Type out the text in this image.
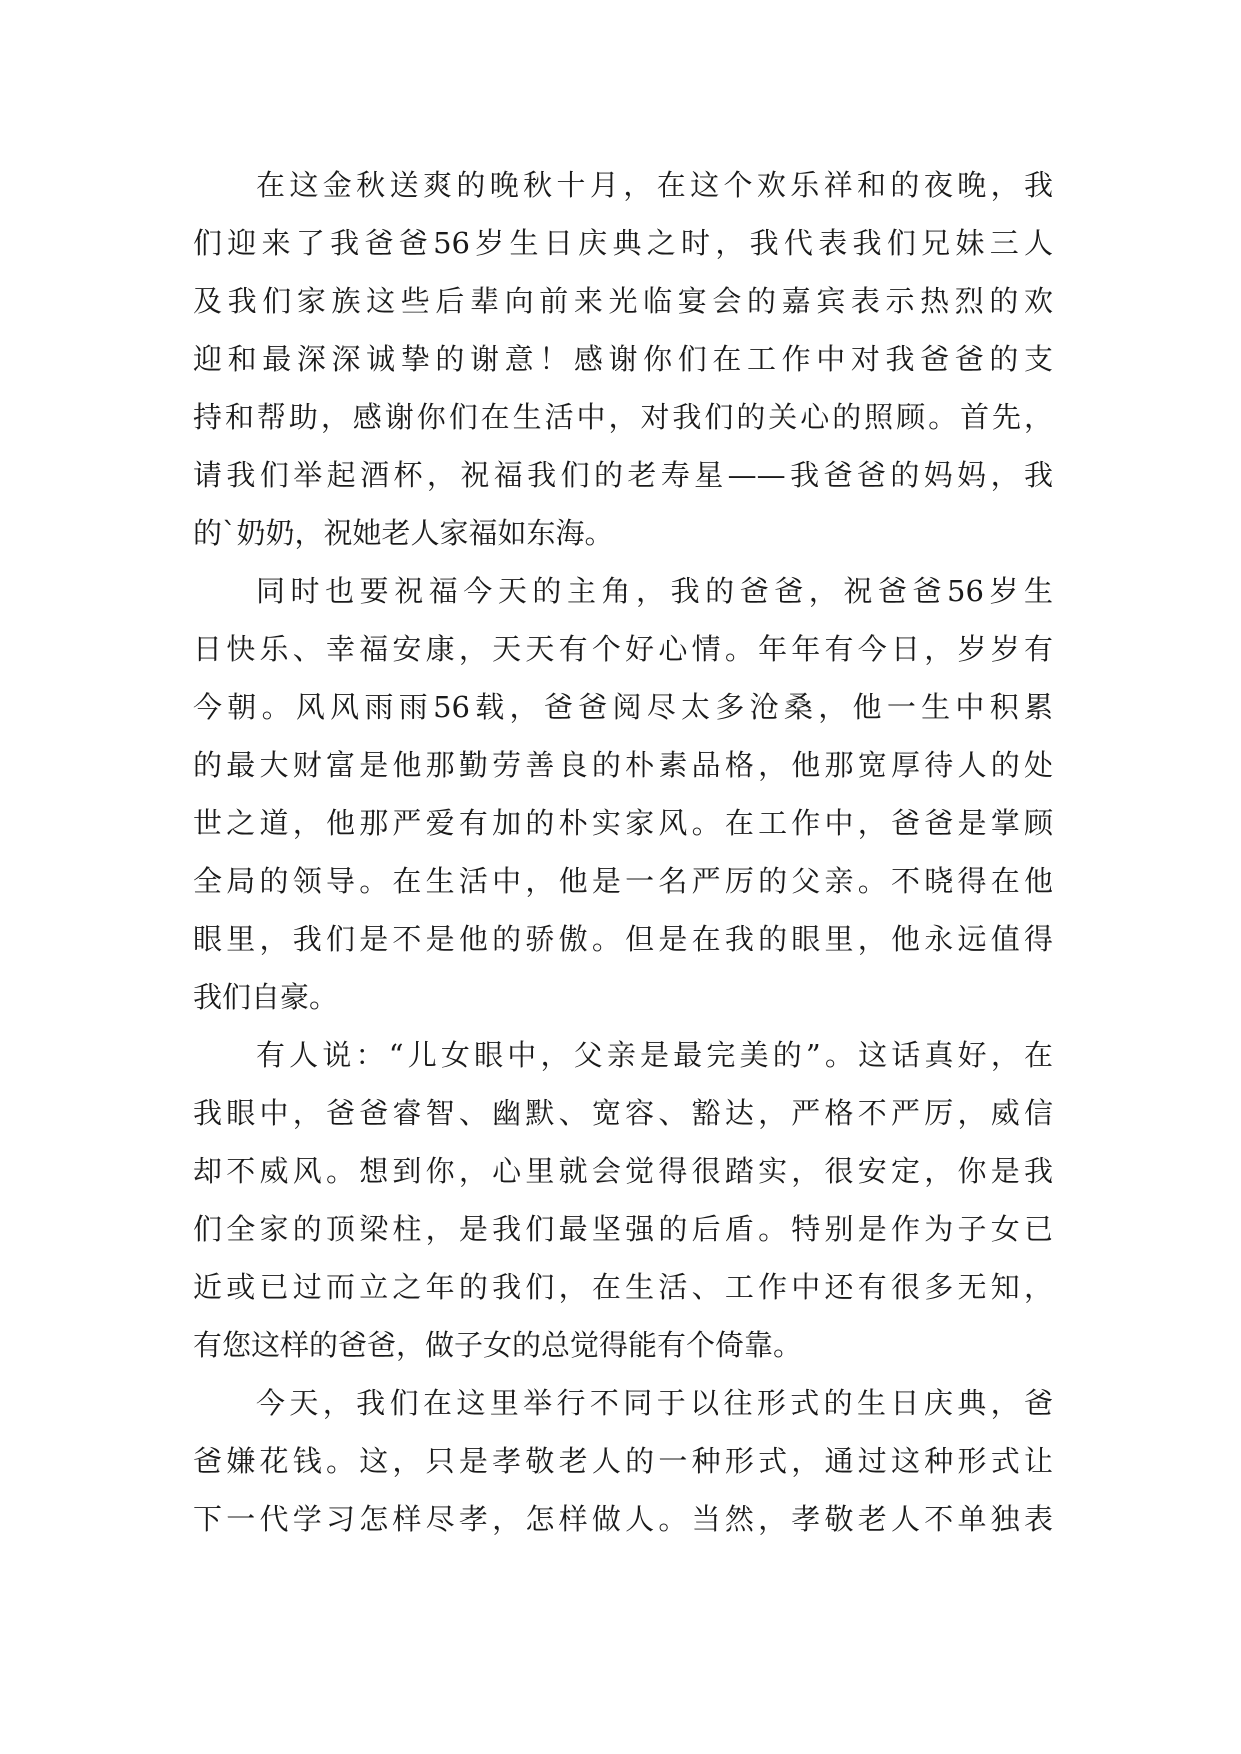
在这金秋送爽的晚秋十月，在这个欢乐祥和的夜晚，我
们迎来了我爸爸56岁生日庆典之时，我代表我们兄妹三人
及我们家族这些后辈向前来光临宴会的嘉宾表示热烈的欢
迎和最深深诚挚的谢意！感谢你们在工作中对我爸爸的支
持和帮助，感谢你们在生活中，对我们的关心的照顾。首先，
请我们举起酒杯，祝福我们的老寿星——我爸爸的妈妈，我
的`奶奶，祝她老人家福如东海。
同时也要祝福今天的主角，我的爸爸，祝爸爸56岁生
日快乐、幸福安康，天天有个好心情。年年有今日，岁岁有
今朝。风风雨雨56载，爸爸阅尽太多沧桑，他一生中积累
的最大财富是他那勤劳善良的朴素品格，他那宽厚待人的处
世之道，他那严爱有加的朴实家风。在工作中，爸爸是掌顾
全局的领导。在生活中，他是一名严厉的父亲。不晓得在他
眼里，我们是不是他的骄傲。但是在我的眼里，他永远值得
我们自豪。
有人说：“儿女眼中，父亲是最完美的”。这话真好，在
我眼中，爸爸睿智、幽默、宽容、豁达，严格不严厉，威信
却不威风。想到你，心里就会觉得很踏实，很安定，你是我
们全家的顶梁柱，是我们最坚强的后盾。特别是作为子女已
近或已过而立之年的我们，在生活、工作中还有很多无知，
有您这样的爸爸，做子女的总觉得能有个倚靠。
今天，我们在这里举行不同于以往形式的生日庆典，爸
爸嫌花钱。这，只是孝敬老人的一种形式，通过这种形式让
下一代学习怎样尽孝，怎样做人。当然，孝敬老人不单独表
